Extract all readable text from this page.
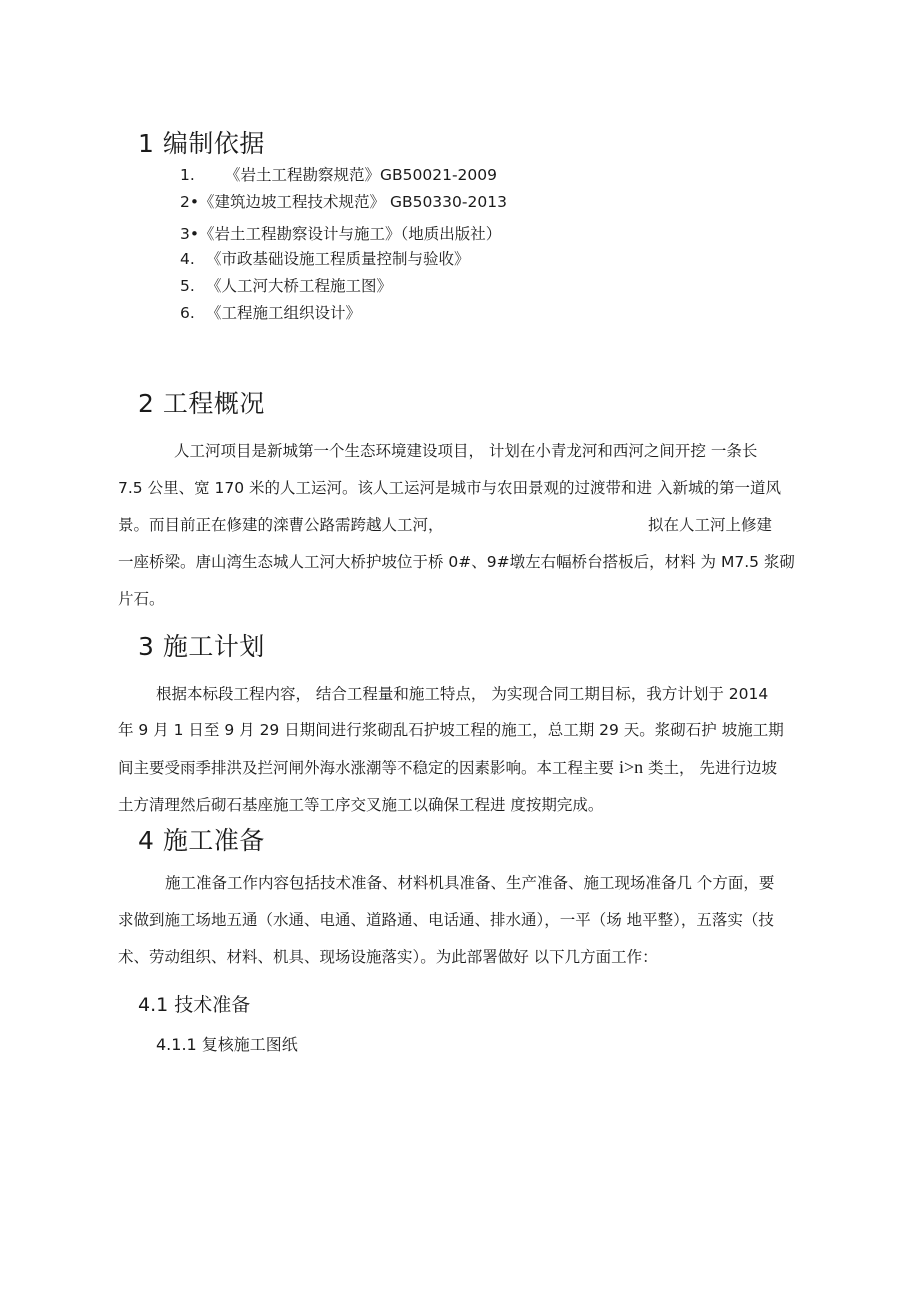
1 编制依据
1. 《岩土工程勘察规范》GB50021-2009
2•《建筑边坡工程技术规范》 GB50330-2013
3•《岩土工程勘察设计与施工》（地质出版社）
4. 《市政基础设施工程质量控制与验收》
5. 《人工河大桥工程施工图》
6. 《工程施工组织设计》
2 工程概况
人工河项目是新城第一个生态环境建设项目， 计划在小青龙河和西河之间开挖 一条长
7.5 公里、宽 170 米的人工运河。该人工运河是城市与农田景观的过渡带和进 入新城的第一道风
景。而目前正在修建的滦曹公路需跨越人工河，	拟在人工河上修建
一座桥梁。唐山湾生态城人工河大桥护坡位于桥 0#、9#墩左右幅桥台搭板后，材料 为 M7.5 浆砌
片石。
3 施工计划
根据本标段工程内容， 结合工程量和施工特点， 为实现合同工期目标，我方计划于 2014
年 9 月 1 日至 9 月 29 日期间进行浆砌乱石护坡工程的施工，总工期 29 天。浆砌石护 坡施工期
间主要受雨季排洪及拦河闸外海水涨潮等不稳定的因素影响。本工程主要 i>n 类土， 先进行边坡
土方清理然后砌石基座施工等工序交叉施工以确保工程进 度按期完成。
4 施工准备
施工准备工作内容包括技术准备、材料机具准备、生产准备、施工现场准备几 个方面，要
求做到施工场地五通（水通、电通、道路通、电话通、排水通），一平（场 地平整），五落实（技
术、劳动组织、材料、机具、现场设施落实）。为此部署做好 以下几方面工作：
4.1 技术准备
4.1.1 复核施工图纸
